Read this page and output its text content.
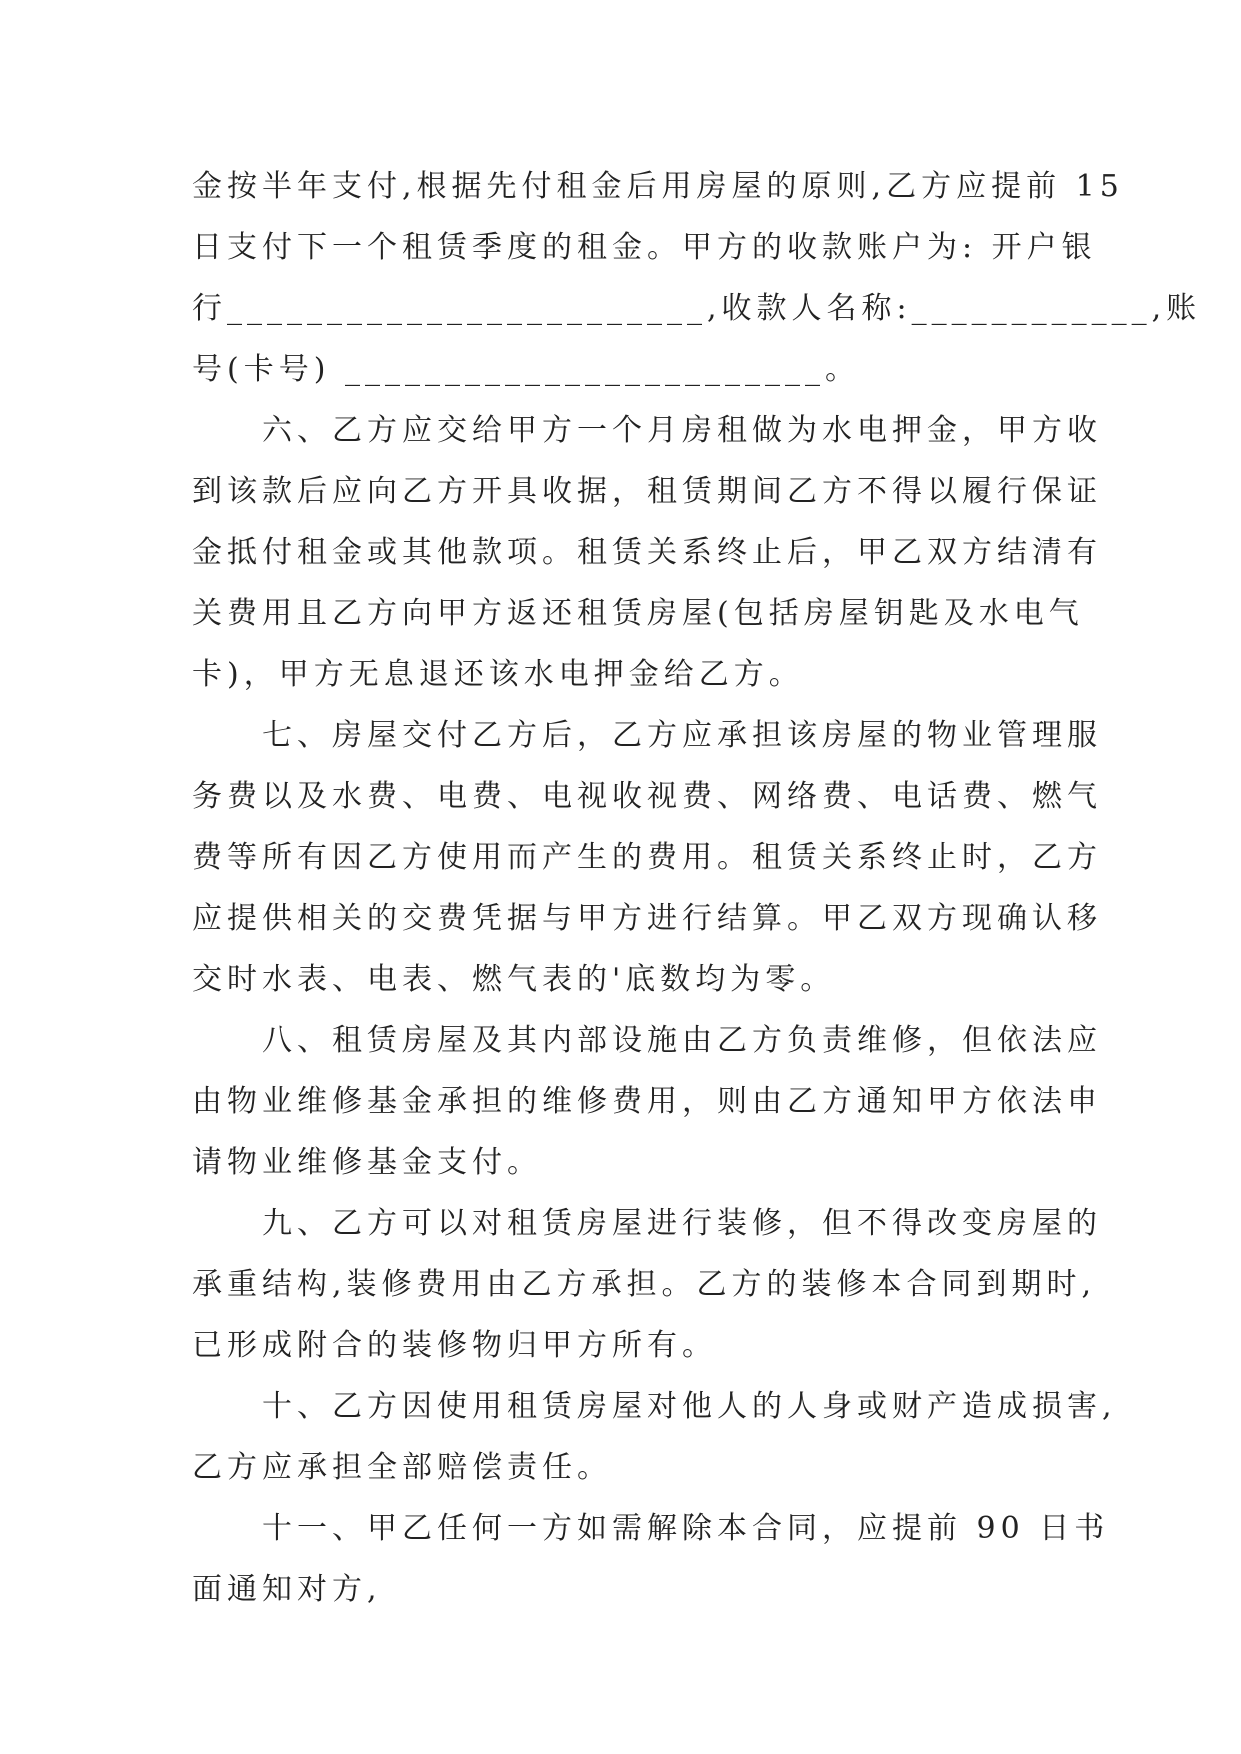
金按半年支付,根据先付租金后用房屋的原则,乙方应提前 15
日支付下一个租赁季度的租金。甲方的收款账户为: 开户银
行________________________,收款人名称:____________,账
号(卡号) ________________________。
　　六、乙方应交给甲方一个月房租做为水电押金，甲方收
到该款后应向乙方开具收据，租赁期间乙方不得以履行保证
金抵付租金或其他款项。租赁关系终止后，甲乙双方结清有
关费用且乙方向甲方返还租赁房屋(包括房屋钥匙及水电气
卡)，甲方无息退还该水电押金给乙方。
　　七、房屋交付乙方后，乙方应承担该房屋的物业管理服
务费以及水费、电费、电视收视费、网络费、电话费、燃气
费等所有因乙方使用而产生的费用。租赁关系终止时，乙方
应提供相关的交费凭据与甲方进行结算。甲乙双方现确认移
交时水表、电表、燃气表的'底数均为零。
　　八、租赁房屋及其内部设施由乙方负责维修，但依法应
由物业维修基金承担的维修费用，则由乙方通知甲方依法申
请物业维修基金支付。
　　九、乙方可以对租赁房屋进行装修，但不得改变房屋的
承重结构,装修费用由乙方承担。乙方的装修本合同到期时,
已形成附合的装修物归甲方所有。
　　十、乙方因使用租赁房屋对他人的人身或财产造成损害,
乙方应承担全部赔偿责任。
　　十一、甲乙任何一方如需解除本合同，应提前 90 日书
面通知对方,
